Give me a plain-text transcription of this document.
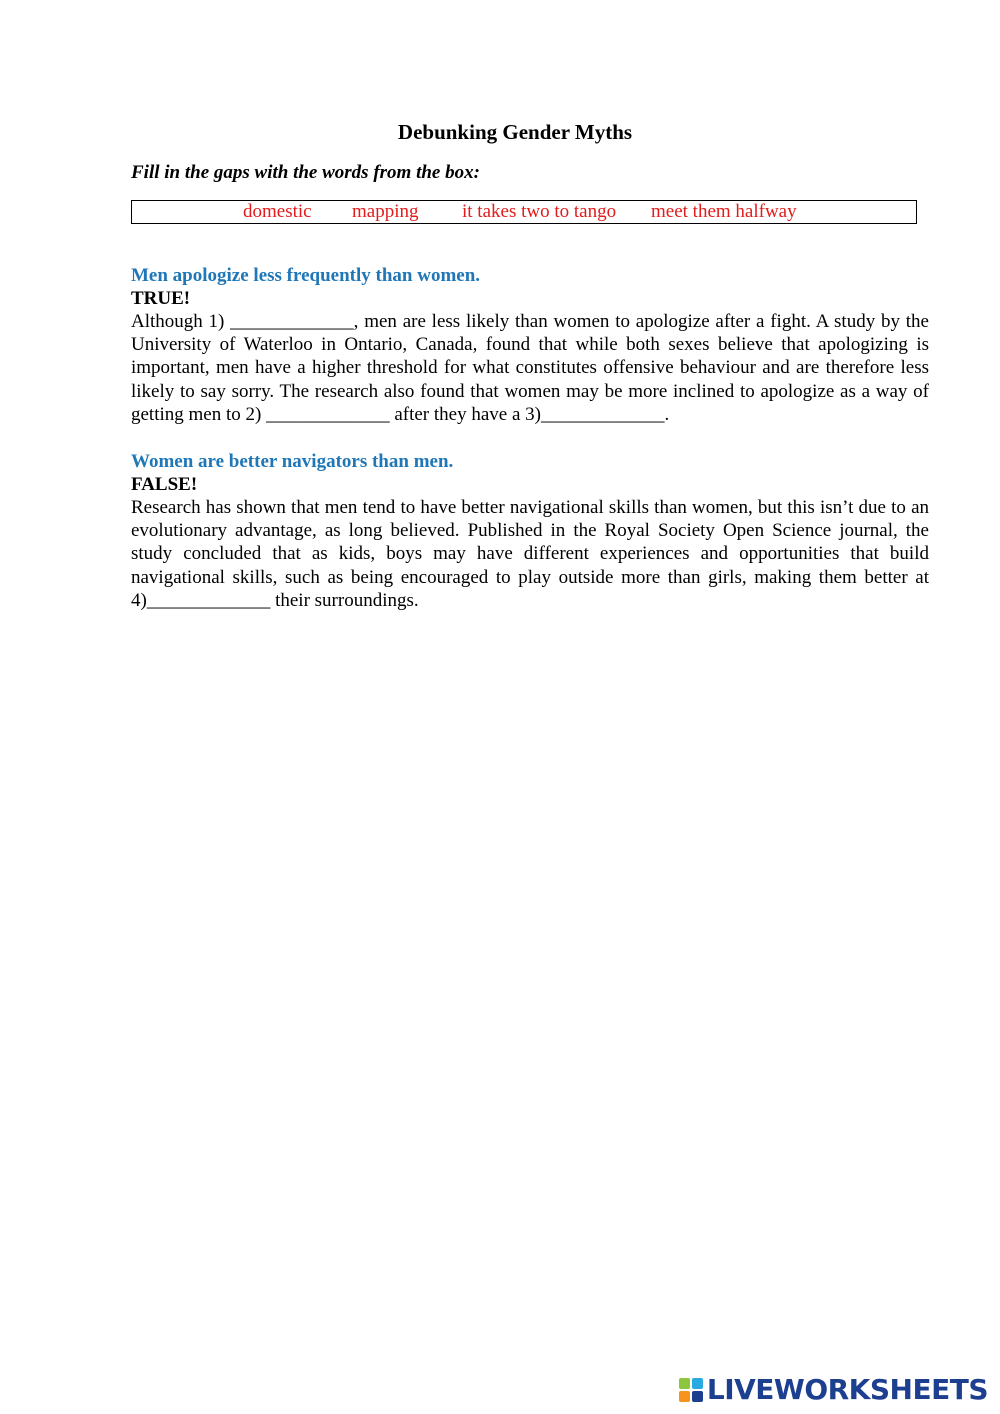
Debunking Gender Myths
Fill in the gaps with the words from the box:
domestic mapping it takes two to tango meet them halfway
Men apologize less frequently than women.
TRUE!

Although 1) _____________, men are less likely than women to apologize after a fight. A study by the University of Waterloo in Ontario, Canada, found that while both sexes believe that apologizing is important, men have a higher threshold for what constitutes offensive behaviour and are therefore less likely to say sorry. The research also found that women may be more inclined to apologize as a way of getting men to 2) _____________ after they have a 3)_____________.

Women are better navigators than men.
FALSE!

Research has shown that men tend to have better navigational skills than women, but this isn’t due to an evolutionary advantage, as long believed. Published in the Royal Society Open Science journal, the study concluded that as kids, boys may have different experiences and opportunities that build navigational skills, such as being encouraged to play outside more than girls, making them better at 4)_____________ their surroundings.

LIVEWORKSHEETS
